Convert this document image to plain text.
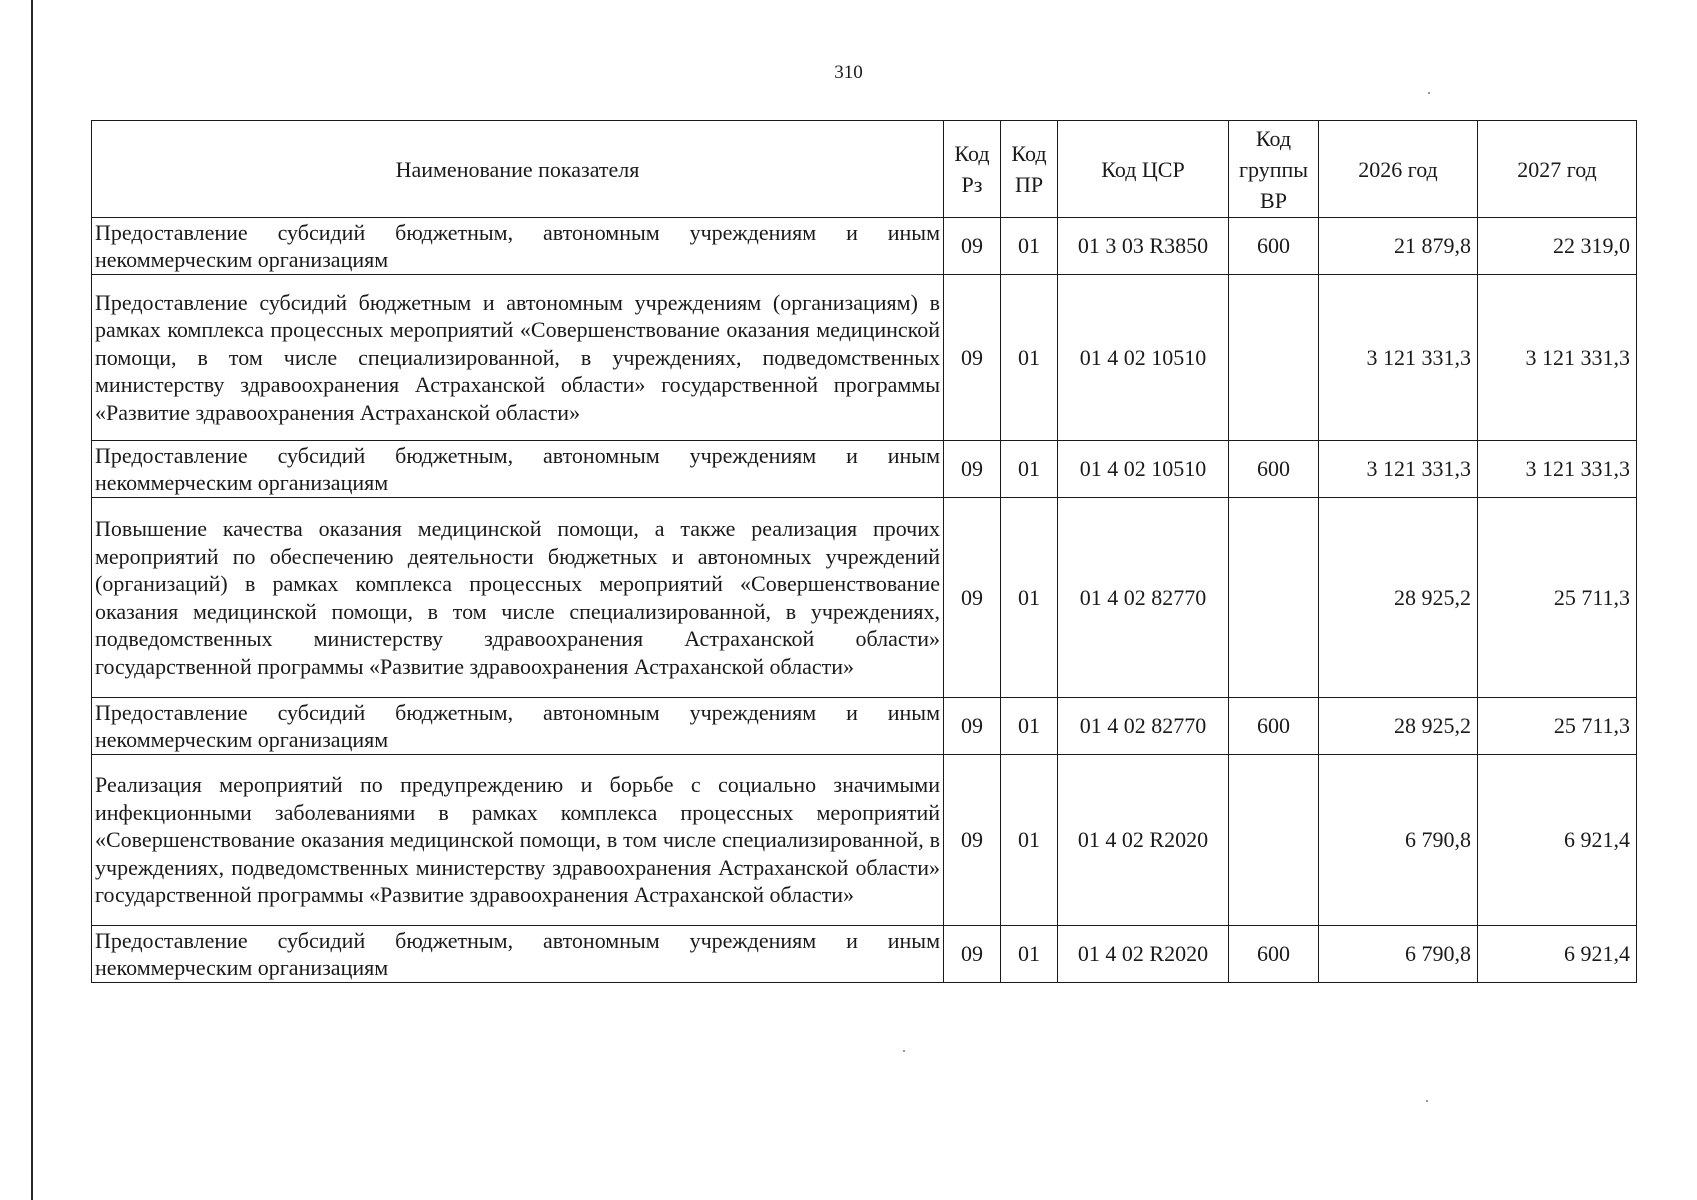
310
Наименование показателя	Код Рз	Код ПР	Код ЦСР	Код группы ВР	2026 год	2027 год
Предоставление субсидий бюджетным, автономным учреждениям и иным некоммерческим организациям	09	01	01 3 03 R3850	600	21 879,8	22 319,0
Предоставление субсидий бюджетным и автономным учреждениям (организациям) в рамках комплекса процессных мероприятий «Совершенствование оказания медицинской помощи, в том числе специализированной, в учреждениях, подведомственных министерству здравоохранения Астраханской области» государственной программы «Развитие здравоохранения Астраханской области»	09	01	01 4 02 10510		3 121 331,3	3 121 331,3
Предоставление субсидий бюджетным, автономным учреждениям и иным некоммерческим организациям	09	01	01 4 02 10510	600	3 121 331,3	3 121 331,3
Повышение качества оказания медицинской помощи, а также реализация прочих мероприятий по обеспечению деятельности бюджетных и автономных учреждений (организаций) в рамках комплекса процессных мероприятий «Совершенствование оказания медицинской помощи, в том числе специализированной, в учреждениях, подведомственных министерству здравоохранения Астраханской области» государственной программы «Развитие здравоохранения Астраханской области»	09	01	01 4 02 82770		28 925,2	25 711,3
Предоставление субсидий бюджетным, автономным учреждениям и иным некоммерческим организациям	09	01	01 4 02 82770	600	28 925,2	25 711,3
Реализация мероприятий по предупреждению и борьбе с социально значимыми инфекционными заболеваниями в рамках комплекса процессных мероприятий «Совершенствование оказания медицинской помощи, в том числе специализированной, в учреждениях, подведомственных министерству здравоохранения Астраханской области» государственной программы «Развитие здравоохранения Астраханской области»	09	01	01 4 02 R2020		6 790,8	6 921,4
Предоставление субсидий бюджетным, автономным учреждениям и иным некоммерческим организациям	09	01	01 4 02 R2020	600	6 790,8	6 921,4
